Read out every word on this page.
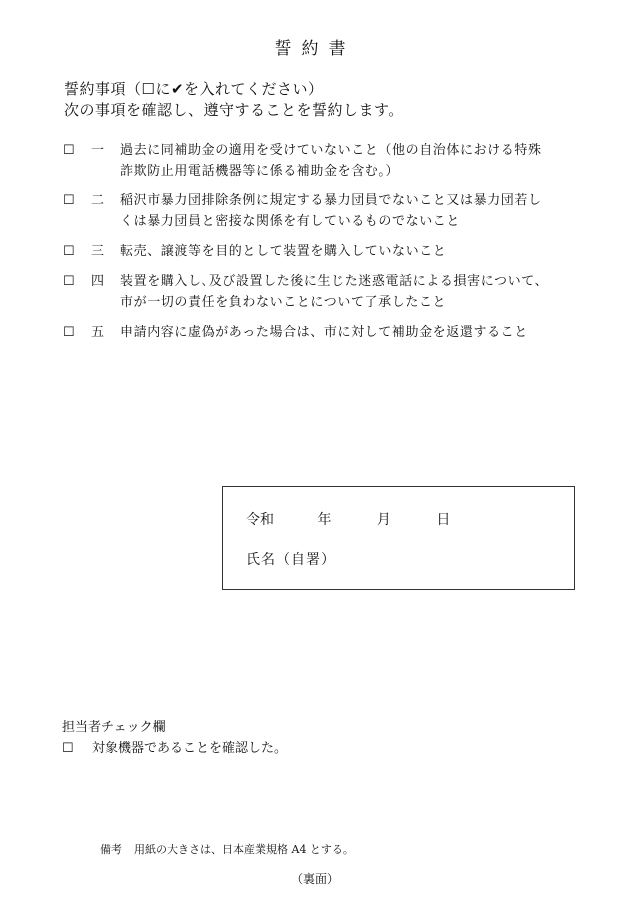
誓約書
誓約事項（☐に✔を入れてください）
次の事項を確認し、遵守することを誓約します。
☐	一 過去に同補助金の適用を受けていないこと（他の自治体における特殊
詐欺防止用電話機器等に係る補助金を含む。）
☐	二 稲沢市暴力団排除条例に規定する暴力団員でないこと又は暴力団若し
くは暴力団員と密接な関係を有しているものでないこと
☐	三 転売、譲渡等を目的として装置を購入していないこと
☐	四 装置を購入し､及び設置した後に生じた迷惑電話による損害について、
市が一切の責任を負わないことについて了承したこと
☐	五 申請内容に虚偽があった場合は、市に対して補助金を返還すること
令和	年	月	日
氏名（自署）
担当者チェック欄
☐ 対象機器であることを確認した。
備考 用紙の大きさは、日本産業規格 A4 とする。
（裏面）
